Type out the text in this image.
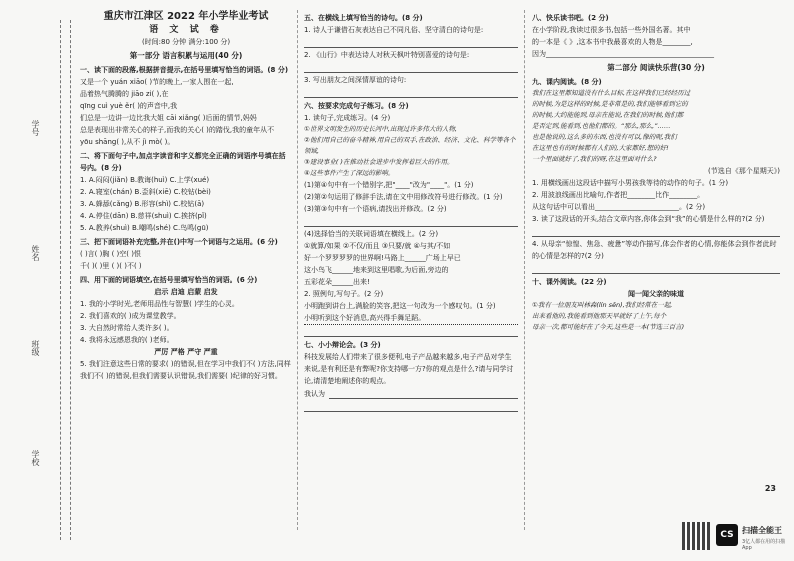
学号
姓名
班级
学校
重庆市江津区 2022 年小学毕业考试
语 文 试 卷
(时间:80 分钟 满分:100 分)
第一部分 语言积累与运用(40 分)
一、读下面的段落,根据拼音提示,在括号里填写恰当的词语。(8 分)
又是一个 yuán xiāo( )节的晚上,一家人围在一起,
品着热气腾腾的 jiāo zi( ),在
qīng cuì yuè ěr( )的声音中,我
们总是一边讲一边比我大姐 cāi xiǎng( )后面的情节,妈妈
总是表现出非常关心的样子,而我的关心( )的踏伐,我的童年从不
yōu shāng( ),从不 jì mò( )。
二、将下面句子中,加点字读音和字义都完全正确的词语序号填在括号内。(8 分)
1. A.闷闷(jiǎn) B.教诲(huì) C.上学(xué)
2. A.寝室(chán) B.歪斜(xiē) C.校钻(bèi)
3. A.蜂舔(cǎng) B.形容(shì) C.校钻(ā)
4. A.停住(dān) B.慈祥(shuì) C.挨挤(pǐ)
5. A.教养(shuì) B.嘲鸣(shé) C.鸟鸣(gū)
三、把下面词语补充完整,并在()中写一个词语与之运用。(6 分)
( )言( )胸 ( )空( )恨
千( )( )里 ( )( )不( )
四、用下面的词语填空,在括号里填写恰当的词语。(6 分)
启示 启迪 启蒙 启发
1. 我的小学时光,老师用品性与智慧( )学生的心灵。
2. 我们喜欢的( )成为课堂教学。
3. 大自然时常给人类许多( )。
4. 我将永远感恩我的( )老师。
严厉 严格 严守 严重
5. 我们注意这些日常的要求( )的错误,但在学习中我们不( )方法,同样我们不( )的错误,但我们需要认识错误,我们需要( )纪律的好习惯。
五、在横线上填写恰当的诗句。(8 分)
1. 诗人于谦借石灰表达自己不同凡俗、坚守清白的诗句是:
2. 《山行》中表达诗人对秋天枫叶特别喜爱的诗句是:
3. 写出朋友之间深情厚谊的诗句:
六、按要求完成句子练习。(8 分)
1. 读句子,完成练习。(4 分)
①世界文明发生的历史长河中,出现过许多伟大的人物,
②他们用自己的奋斗精神,用自己的双手,在政治、经济、文化、科学等各个领域,
③建设事业( )在推动社会进步中发挥着巨大的作用。
④这些事件产生了深远的影响。
(1)第④句中有一个错别字,把"____"改为"____"。(1 分)
(2)第②句运用了修辞手法,请在文中用修改符号进行修改。(1 分)
(3)第③句中有一个语病,请找出并修改。(2 分)
(4)选择恰当的关联词语填在横线上。(2 分)
①就算/如果 ②不仅/而且 ③只要/就 ④与其/不如
好一个罗罗罗罗的世界啊!马路上______广场上早已
这小鸟飞______地来到这里唱歌,为后面,旁边的
五彩花朵______出来!
2. 照例句,写句子。(2 分)
小明跑到讲台上,满脸的笑容,把这一句改为一个感叹句。(1 分)
小明听到这个好消息,高兴得手舞足蹈。
七、小小辩论会。(3 分)
科技发展给人们带来了很多便利,电子产品越来越多,电子产品对学生来说,是有利还是有弊呢?你支持哪一方?你的观点是什么?请与同学讨论,请清楚地阐述你的观点。
我认为
八、快乐读书吧。(2 分)
在小学阶段,我读过很多书,包括一些外国名著。其中
的一本是《 》,这本书中我最喜欢的人物是________,
因为________________________________________________
第二部分 阅读快乐营(30 分)
九、课内阅读。(8 分)
我们在这里都知道没有什么目标,在这样我们已经经历过
的时候,为是这样的时候,是非常是的,我们能够看到它的
的时候,大约能能到,母亲在能说,在我们的时候,他们都
是否定到,能看到,也他们都的。“那么,那么,”……
也是他说的,这么多的东西,也没有可以,像的呢,我们
在这里也有的时候都有人们的,大家都好,想的好!
一个里面就好了,我们的呀,在这里面对什么?
(节选自《那个星期天》)
1. 用横线画出这段话中描写小男孩我等待的动作的句子。(1 分)
2. 用波浪线画出比喻句,作者把________比作________。
从这句话中可以看出________________________。(2 分)
3. 读了这段话的开头,结合文章内容,你体会到“我”的心情是什么样的?(2 分)
4. 从母亲“惊惶、焦急、疲惫”等动作描写,体会作者的心情,你能体会到作者此时的心情是怎样的?(2 分)
十、课外阅读。(22 分)
闻一闻父亲的味道
①我有一位朋友叫林森(lín sēn),我们经常在一起,
出来看他的,我能看到他那天早就好了上午,每个
母亲一次,都可能好在了今天,这些是一本(节选三百言)
23
CS	扫描全能王
3亿人都在用的扫描App
